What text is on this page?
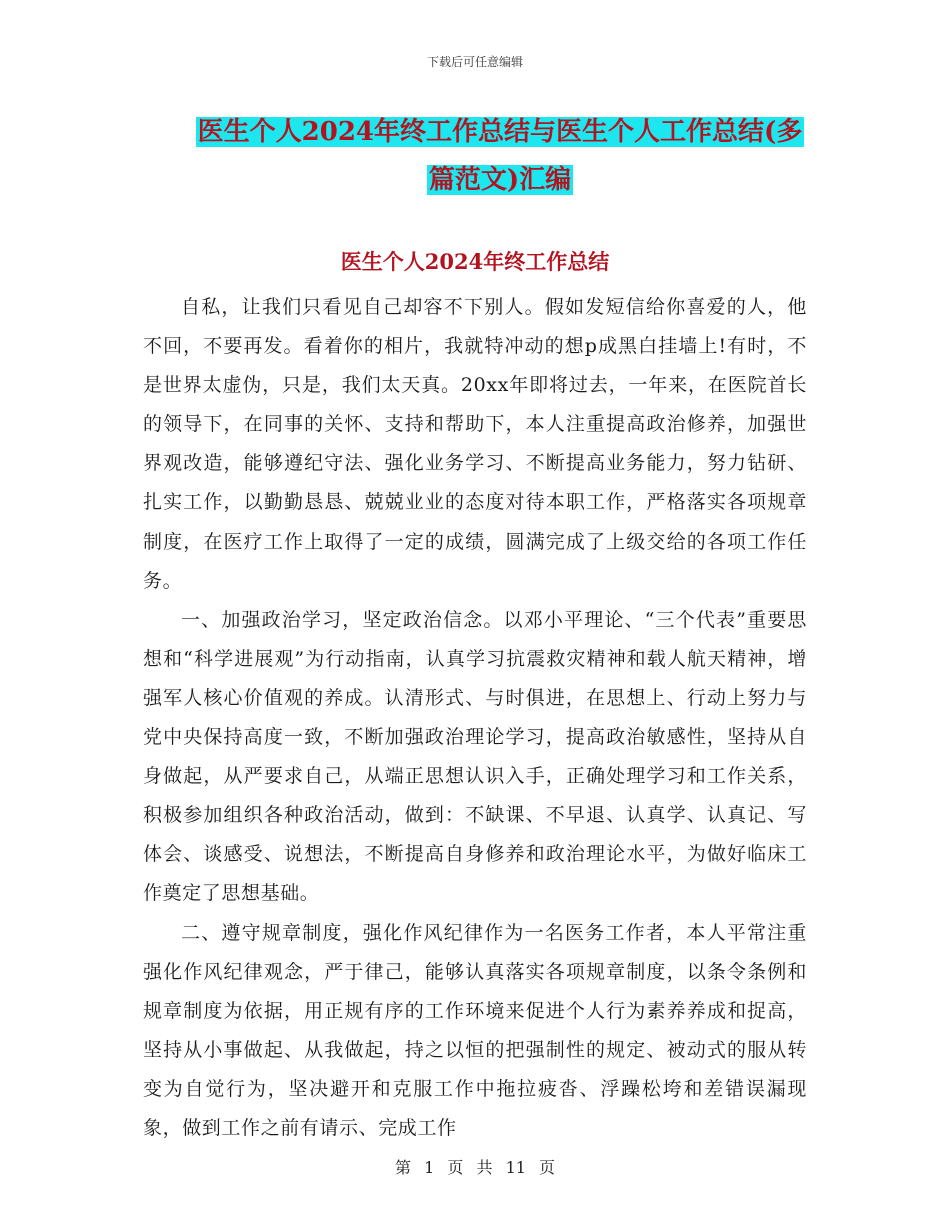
下载后可任意编辑
医生个人2024年终工作总结与医生个人工作总结(多
篇范文)汇编
医生个人2024年终工作总结

自私，让我们只看见自己却容不下别人。假如发短信给你喜爱的人，他不回，不要再发。看着你的相片，我就特冲动的想p成黑白挂墙上!有时，不是世界太虚伪，只是，我们太天真。20xx年即将过去，一年来，在医院首长的领导下，在同事的关怀、支持和帮助下，本人注重提高政治修养，加强世界观改造，能够遵纪守法、强化业务学习、不断提高业务能力，努力钻研、扎实工作，以勤勤恳恳、兢兢业业的态度对待本职工作，严格落实各项规章制度，在医疗工作上取得了一定的成绩，圆满完成了上级交给的各项工作任务。

一、加强政治学习，坚定政治信念。以邓小平理论、“三个代表”重要思想和“科学进展观”为行动指南，认真学习抗震救灾精神和载人航天精神，增强军人核心价值观的养成。认清形式、与时俱进，在思想上、行动上努力与党中央保持高度一致，不断加强政治理论学习，提高政治敏感性，坚持从自身做起，从严要求自己，从端正思想认识入手，正确处理学习和工作关系，积极参加组织各种政治活动，做到：不缺课、不早退、认真学、认真记、写体会、谈感受、说想法，不断提高自身修养和政治理论水平，为做好临床工作奠定了思想基础。

二、遵守规章制度，强化作风纪律作为一名医务工作者，本人平常注重强化作风纪律观念，严于律己，能够认真落实各项规章制度，以条令条例和规章制度为依据，用正规有序的工作环境来促进个人行为素养养成和捉高，坚持从小事做起、从我做起，持之以恒的把强制性的规定、被动式的服从转变为自觉行为，坚决避开和克服工作中拖拉疲沓、浮躁松垮和差错误漏现象，做到工作之前有请示、完成工作

第 1 页 共 11 页
